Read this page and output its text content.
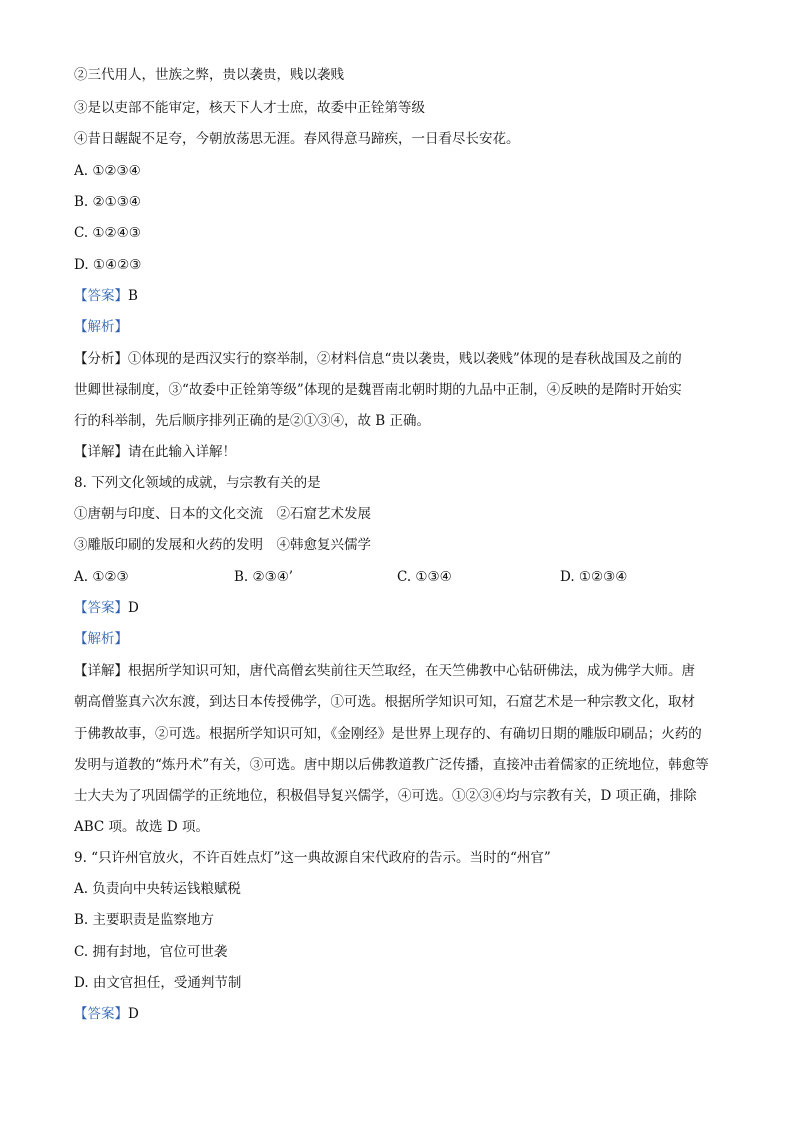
②三代用人，世族之弊，贵以袭贵，贱以袭贱
③是以吏部不能审定，核天下人才士庶，故委中正铨第等级
④昔日龌龊不足夸，今朝放荡思无涯。春风得意马蹄疾，一日看尽长安花。
A. ①②③④
B. ②①③④
C. ①②④③
D. ①④②③
【答案】B
【解析】
【分析】①体现的是西汉实行的察举制，②材料信息“贵以袭贵，贱以袭贱”体现的是春秋战国及之前的
世卿世禄制度，③“故委中正铨第等级”体现的是魏晋南北朝时期的九品中正制，④反映的是隋时开始实
行的科举制，先后顺序排列正确的是②①③④，故 B 正确。
【详解】请在此输入详解！
8. 下列文化领域的成就，与宗教有关的是
①唐朝与印度、日本的文化交流　②石窟艺术发展
③雕版印刷的发展和火药的发明　④韩愈复兴儒学
A. ①②③	B. ②③④’	C. ①③④	D. ①②③④
【答案】D
【解析】
【详解】根据所学知识可知，唐代高僧玄奘前往天竺取经，在天竺佛教中心钻研佛法，成为佛学大师。唐
朝高僧鉴真六次东渡，到达日本传授佛学，①可选。根据所学知识可知，石窟艺术是一种宗教文化，取材
于佛教故事，②可选。根据所学知识可知，《金刚经》是世界上现存的、有确切日期的雕版印刷品；火药的
发明与道教的“炼丹术”有关，③可选。唐中期以后佛教道教广泛传播，直接冲击着儒家的正统地位，韩愈等
士大夫为了巩固儒学的正统地位，积极倡导复兴儒学，④可选。①②③④均与宗教有关，D 项正确，排除
ABC 项。故选 D 项。
9. “只许州官放火，不许百姓点灯”这一典故源自宋代政府的告示。当时的“州官”
A. 负责向中央转运钱粮赋税
B. 主要职责是监察地方
C. 拥有封地，官位可世袭
D. 由文官担任，受通判节制
【答案】D
